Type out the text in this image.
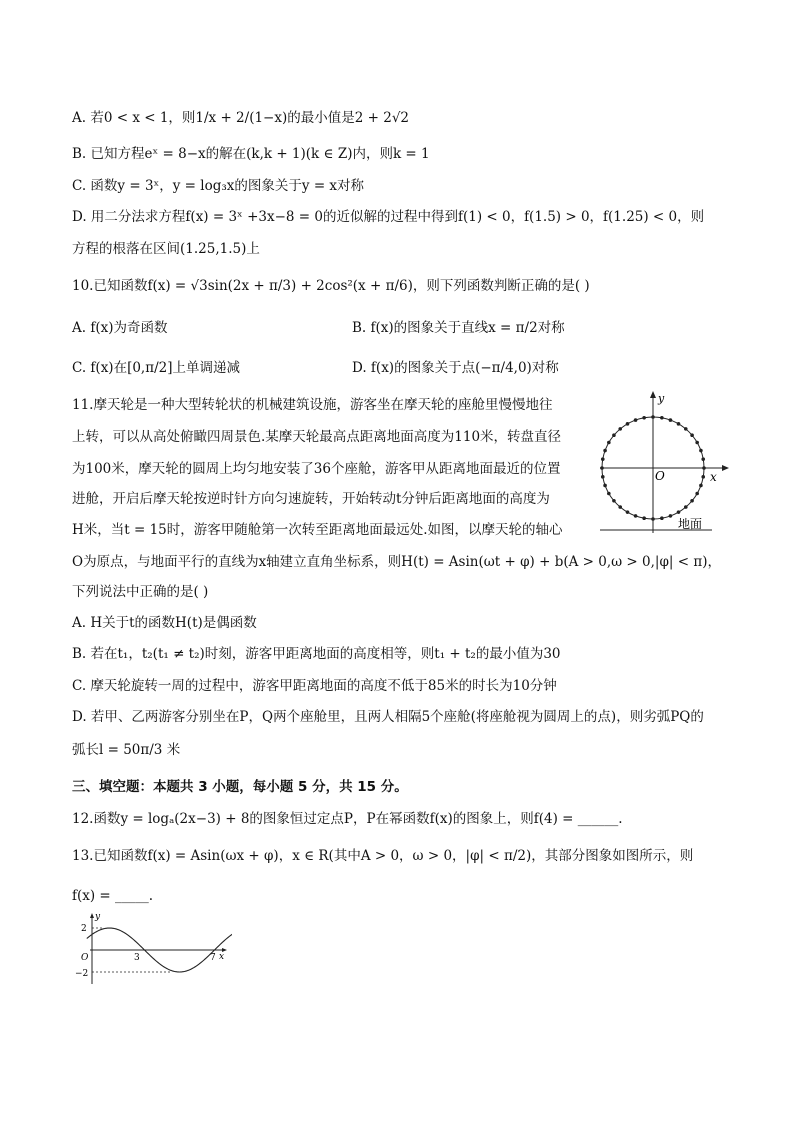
A. 若0 < x < 1，则1/x + 2/(1−x)的最小值是2 + 2√2
B. 已知方程eˣ = 8−x的解在(k,k + 1)(k ∈ Z)内，则k = 1
C. 函数y = 3ˣ，y = log₃x的图象关于y = x对称
D. 用二分法求方程f(x) = 3ˣ +3x−8 = 0的近似解的过程中得到f(1) < 0，f(1.5) > 0，f(1.25) < 0，则
方程的根落在区间(1.25,1.5)上
10.已知函数f(x) = √3sin(2x + π/3) + 2cos²(x + π/6)，则下列函数判断正确的是( )
A. f(x)为奇函数	B. f(x)的图象关于直线x = π/2对称
C. f(x)在[0,π/2]上单调递减	D. f(x)的图象关于点(−π/4,0)对称
11.摩天轮是一种大型转轮状的机械建筑设施，游客坐在摩天轮的座舱里慢慢地往
上转，可以从高处俯瞰四周景色.某摩天轮最高点距离地面高度为110米，转盘直径
为100米，摩天轮的圆周上均匀地安装了36个座舱，游客甲从距离地面最近的位置
进舱，开启后摩天轮按逆时针方向匀速旋转，开始转动t分钟后距离地面的高度为
H米，当t = 15时，游客甲随舱第一次转至距离地面最远处.如图，以摩天轮的轴心
O为原点，与地面平行的直线为x轴建立直角坐标系，则H(t) = Asin(ωt + φ) + b(A > 0,ω > 0,|φ| < π)，
下列说法中正确的是( )
A. H关于t的函数H(t)是偶函数
B. 若在t₁，t₂(t₁ ≠ t₂)时刻，游客甲距离地面的高度相等，则t₁ + t₂的最小值为30
C. 摩天轮旋转一周的过程中，游客甲距离地面的高度不低于85米的时长为10分钟
D. 若甲、乙两游客分别坐在P，Q两个座舱里，且两人相隔5个座舱(将座舱视为圆周上的点)，则劣弧PQ的
弧长l = 50π/3 米
y
x
O
地面
三、填空题：本题共 3 小题，每小题 5 分，共 15 分。
12.函数y = logₐ(2x−3) + 8的图象恒过定点P，P在幂函数f(x)的图象上，则f(4) = ______.
13.已知函数f(x) = Asin(ωx + φ)，x ∈ R(其中A > 0，ω > 0，|φ| < π/2)，其部分图象如图所示，则
f(x) = _____.
y
2
O	3	7 x
−2
